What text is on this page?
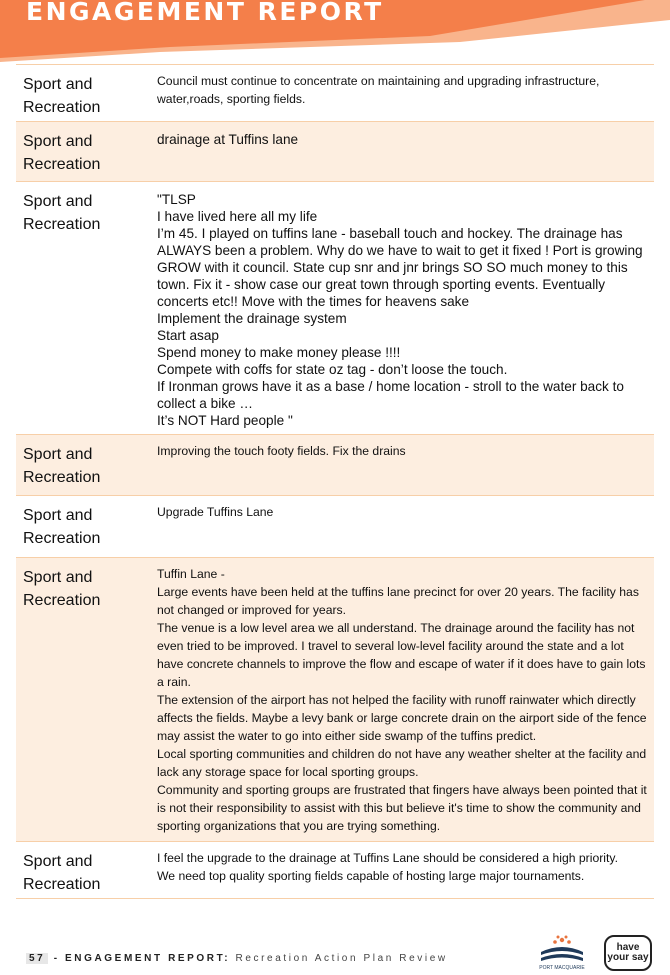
ENGAGEMENT REPORT
Sport and Recreation
Council must continue to concentrate on maintaining and upgrading infrastructure,
water,roads, sporting fields.
Sport and Recreation
drainage at Tuffins lane
Sport and Recreation
"TLSP
I have lived here all my life
I’m 45. I played on tuffins lane - baseball touch and hockey. The drainage has ALWAYS been a problem. Why do we have to wait to get it fixed ! Port is growing GROW with it council. State cup snr and jnr brings SO SO much money to this town. Fix it - show case our great town through sporting events. Eventually concerts etc!! Move with the times for heavens sake
Implement the drainage system
Start asap
Spend money to make money please !!!!
Compete with coffs for state oz tag - don’t loose the touch.
If Ironman grows have it as a base / home location - stroll to the water back to collect a bike …
It’s NOT Hard people "
Sport and Recreation
Improving the touch footy fields. Fix the drains
Sport and Recreation
Upgrade Tuffins Lane
Sport and Recreation
Tuffin Lane -
Large events have been held at the tuffins lane precinct for over 20 years. The facility has not changed or improved for years.
The venue is a low level area we all understand. The drainage around the facility has not even tried to be improved. I travel to several low-level facility around the state and a lot have concrete channels to improve the flow and escape of water if it does have to gain lots a rain.
The extension of the airport has not helped the facility with runoff rainwater which directly affects the fields. Maybe a levy bank or large concrete drain on the airport side of the fence may assist the water to go into either side swamp of the tuffins predict.
Local sporting communities and children do not have any weather shelter at the facility and lack any storage space for local sporting groups.
Community and sporting groups are frustrated that fingers have always been pointed that it is not their responsibility to assist with this but believe it's time to show the community and sporting organizations that you are trying something.
Sport and Recreation
I feel the upgrade to the drainage at Tuffins Lane should be considered a high priority.
We need top quality sporting fields capable of hosting large major tournaments.
57 - ENGAGEMENT REPORT: Recreation Action Plan Review
PORT MACQUARIE
have
your say
